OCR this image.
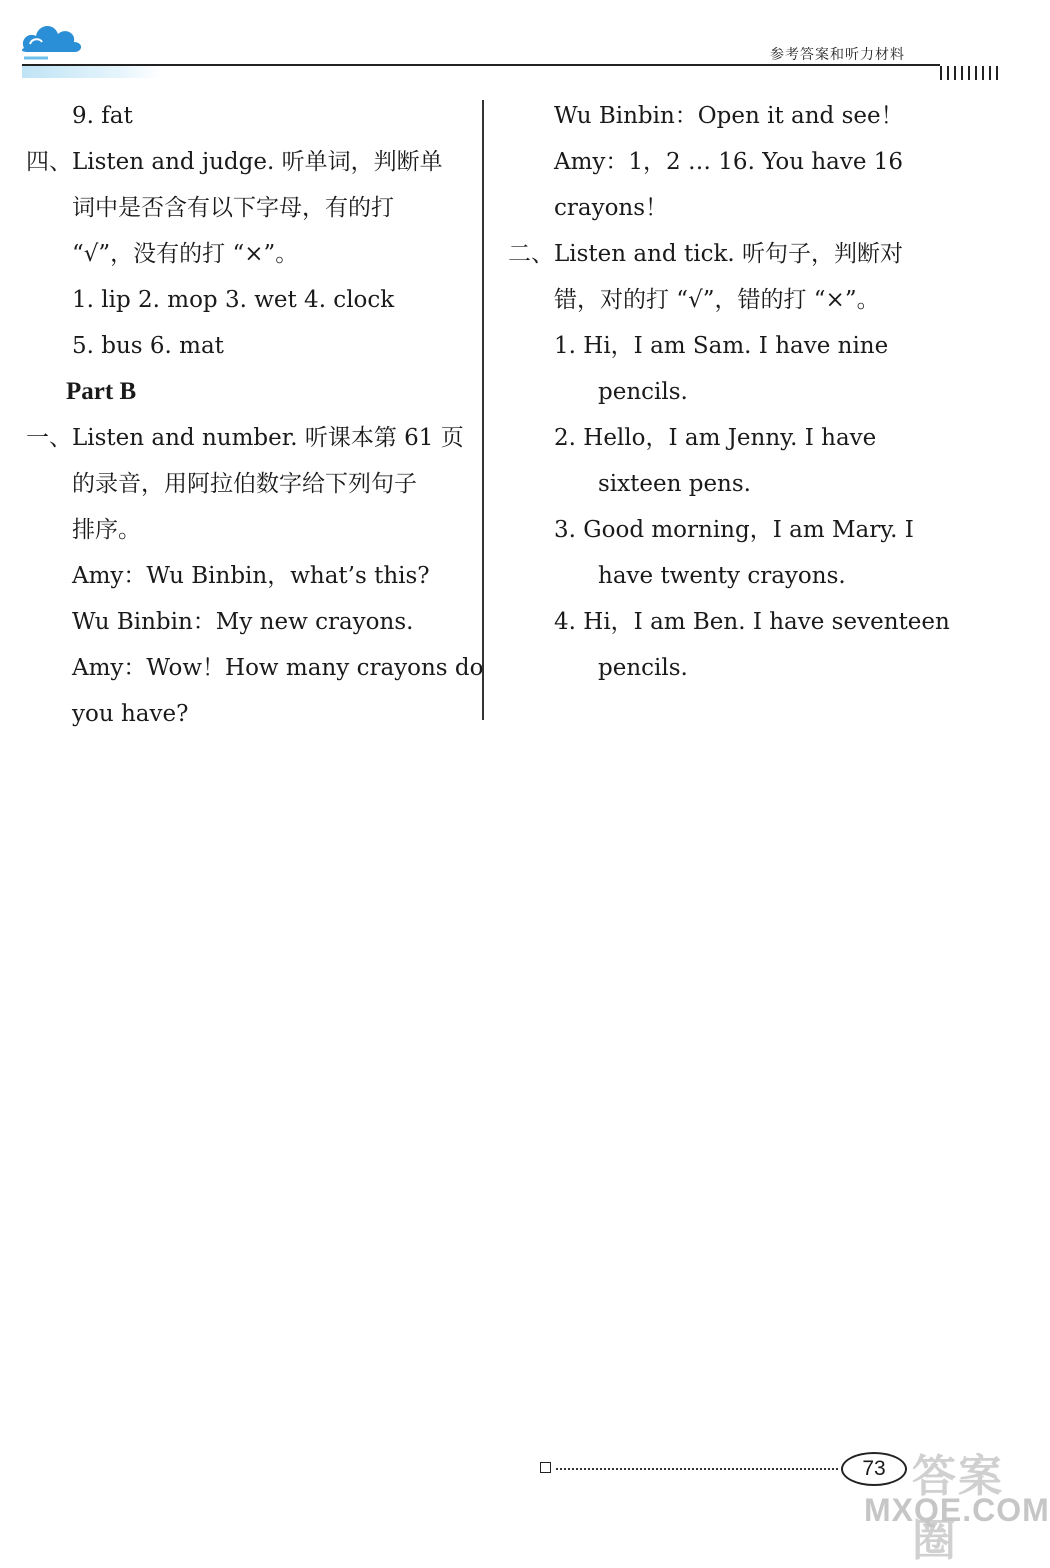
参考答案和听力材料
9. fat
四、Listen and judge. 听单词，判断单
词中是否含有以下字母，有的打
“√”，没有的打 “×”。
1. lip 2. mop 3. wet 4. clock
5. bus 6. mat
Part B
一、Listen and number. 听课本第 61 页
的录音，用阿拉伯数字给下列句子
排序。
Amy：Wu Binbin，what’s this?
Wu Binbin：My new crayons.
Amy：Wow！How many crayons do
you have?
Wu Binbin：Open it and see！
Amy：1，2 … 16. You have 16
crayons！
二、Listen and tick. 听句子，判断对
错，对的打 “√”，错的打 “×”。
1. Hi，I am Sam. I have nine
pencils.
2. Hello，I am Jenny. I have
sixteen pens.
3. Good morning，I am Mary. I
have twenty crayons.
4. Hi，I am Ben. I have seventeen
pencils.
73 答案圈
MXQE.COM
